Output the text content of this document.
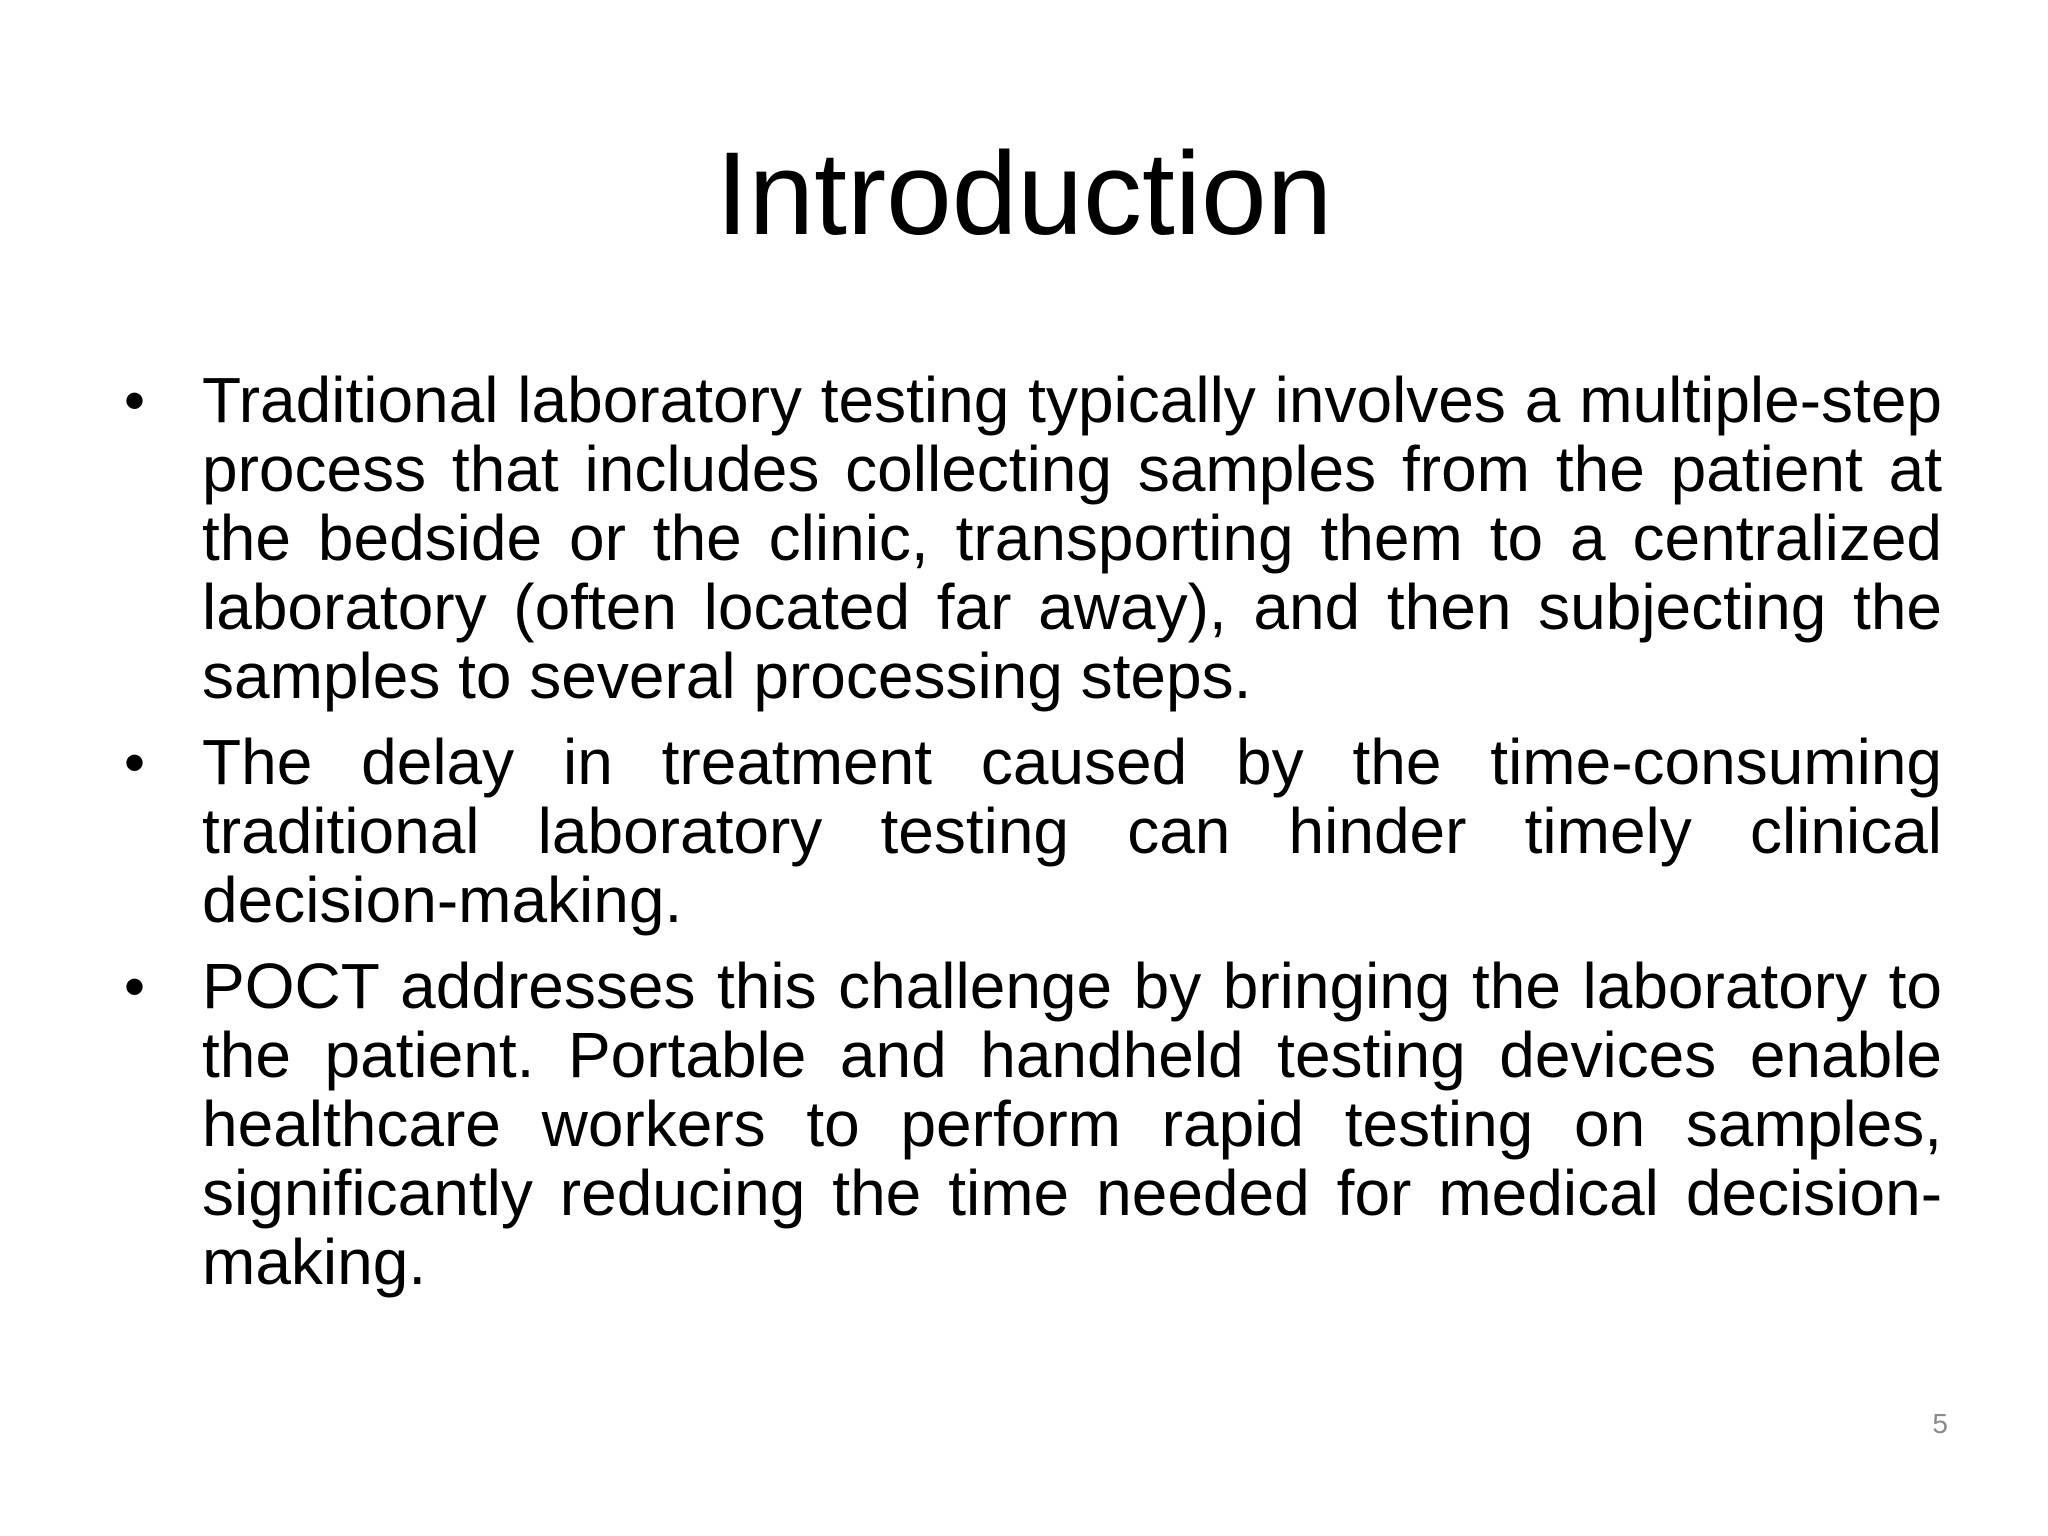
Introduction
• Traditional laboratory testing typically involves a multiple-step process that includes collecting samples from the patient at the bedside or the clinic, transporting them to a centralized laboratory (often located far away), and then subjecting the samples to several processing steps.
• The delay in treatment caused by the time-consuming traditional laboratory testing can hinder timely clinical decision-making.
• POCT addresses this challenge by bringing the laboratory to the patient. Portable and handheld testing devices enable healthcare workers to perform rapid testing on samples, significantly reducing the time needed for medical decision-making.
5
